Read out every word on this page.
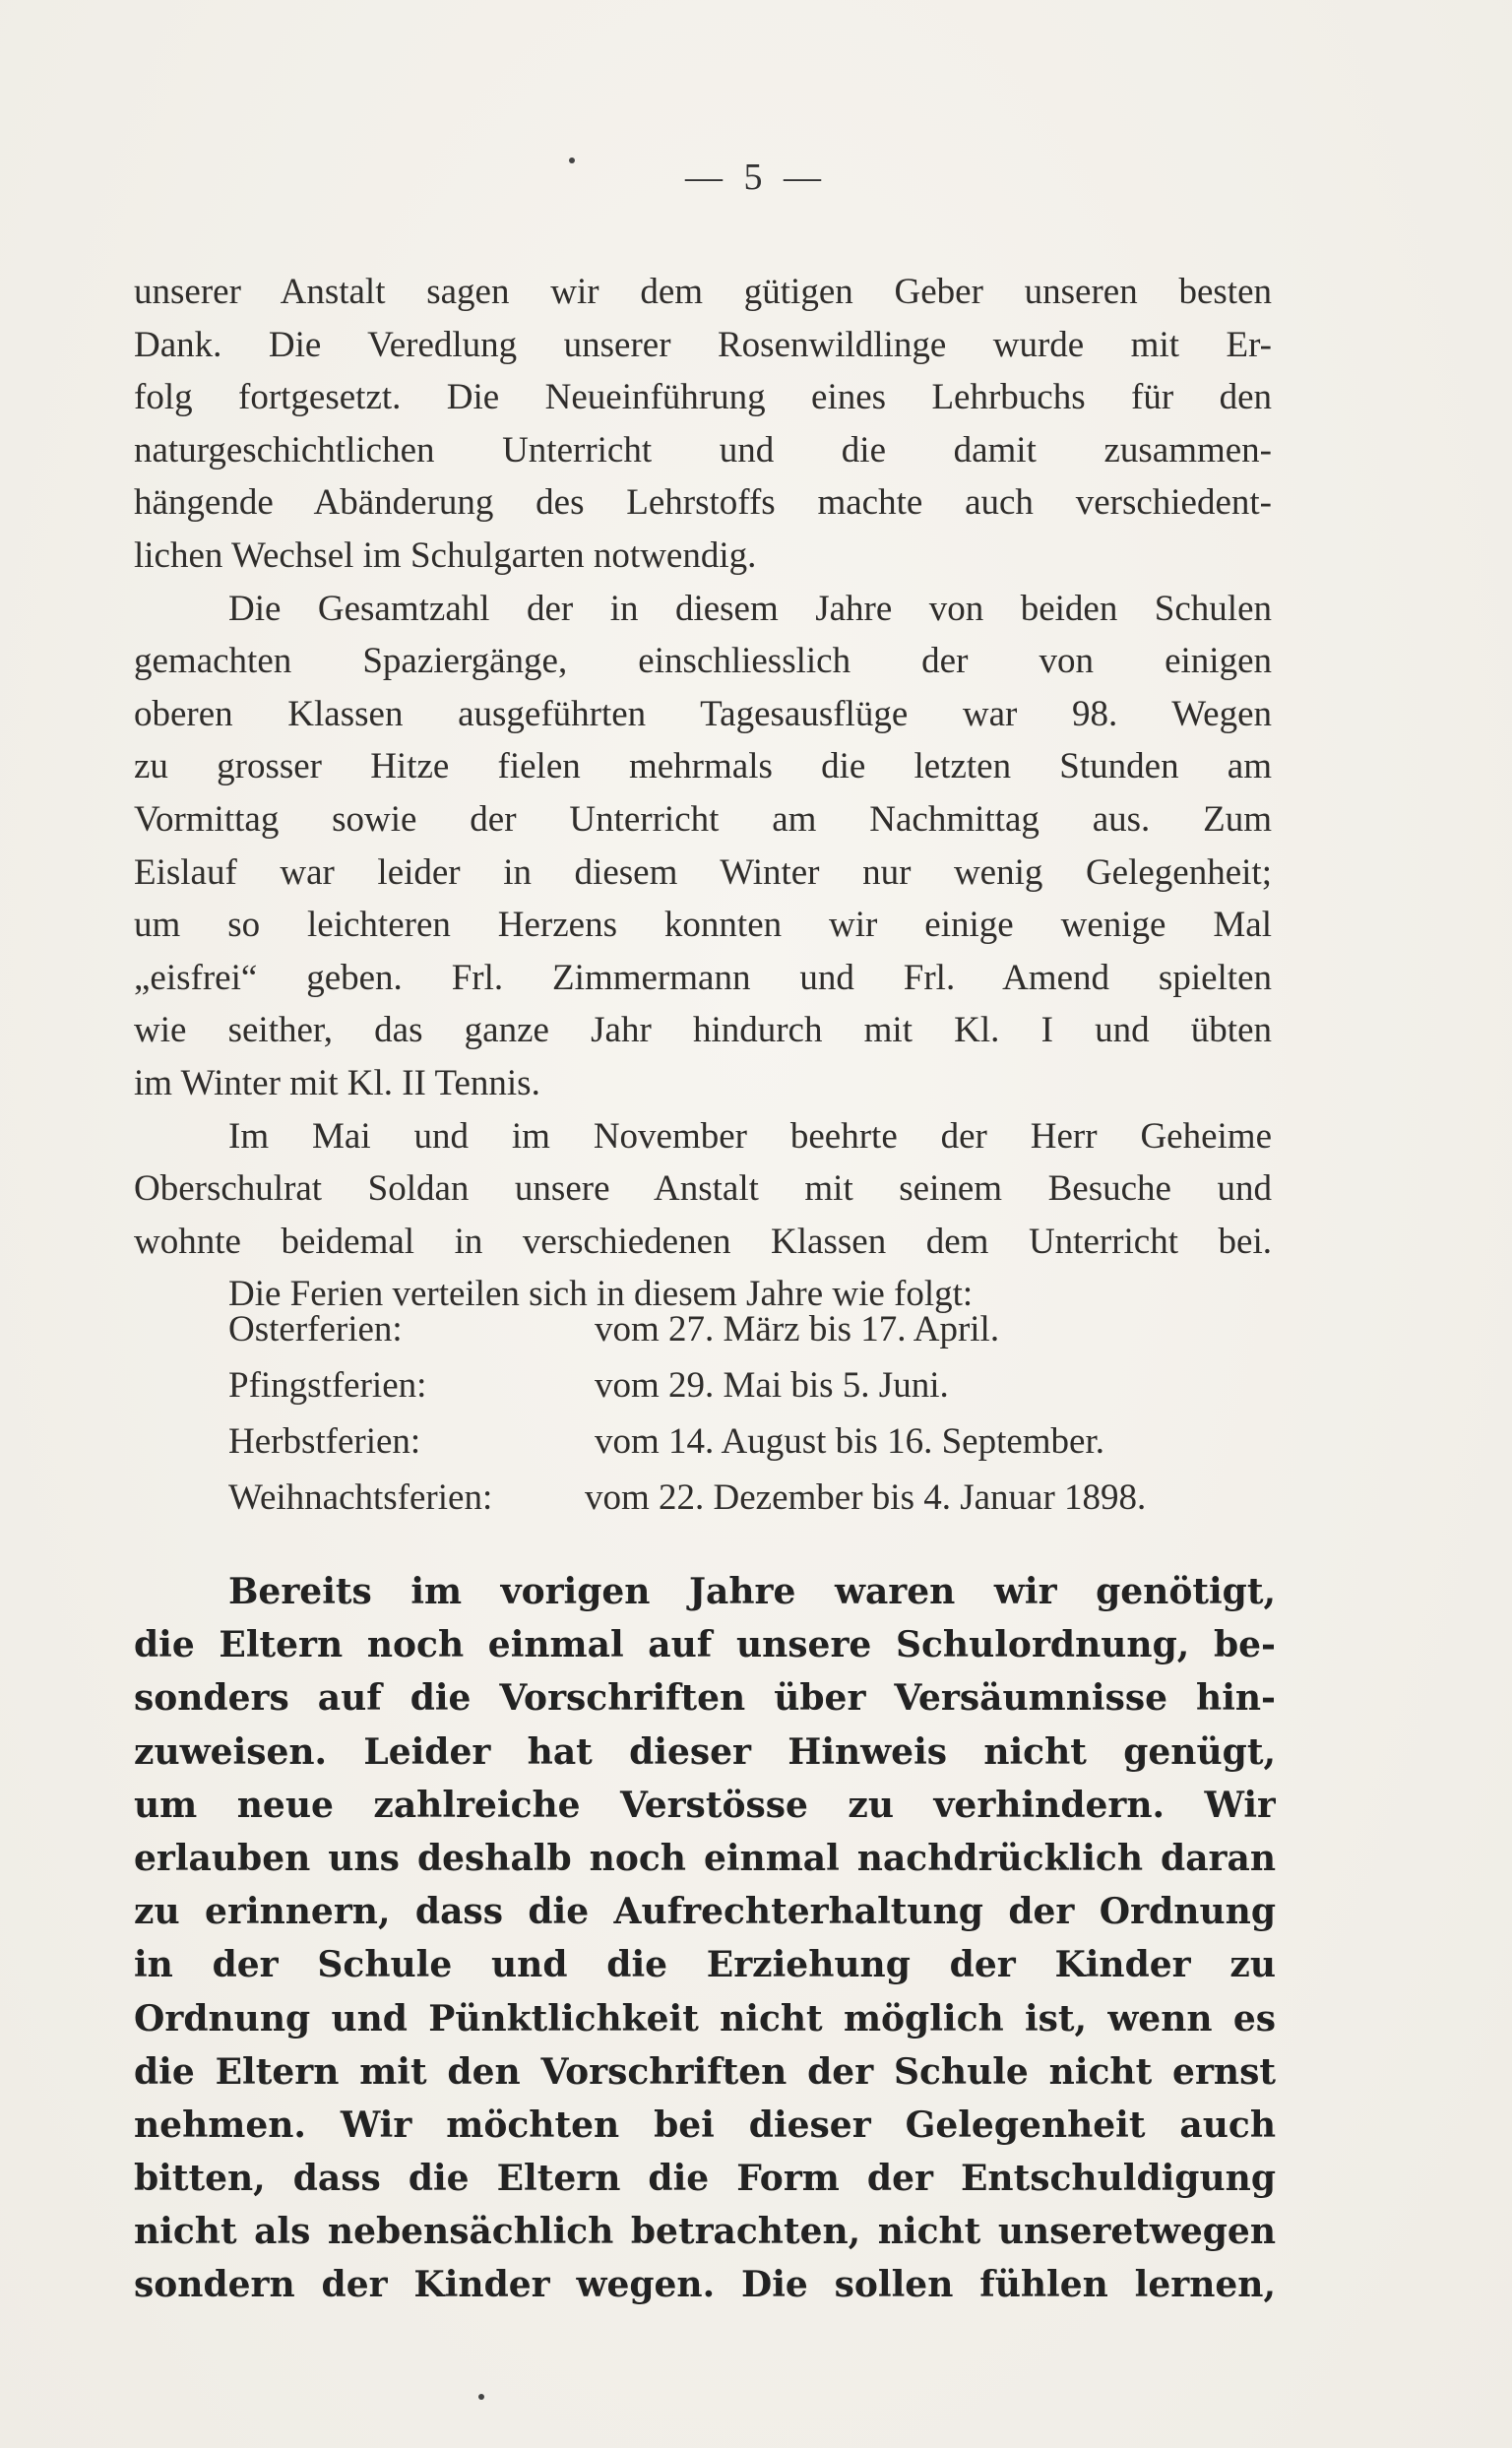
— 5 —
unserer Anstalt sagen wir dem gütigen Geber unseren besten
Dank. Die Veredlung unserer Rosenwildlinge wurde mit Er-
folg fortgesetzt. Die Neueinführung eines Lehrbuchs für den
naturgeschichtlichen Unterricht und die damit zusammen-
hängende Abänderung des Lehrstoffs machte auch verschiedent-
lichen Wechsel im Schulgarten notwendig.
Die Gesamtzahl der in diesem Jahre von beiden Schulen
gemachten Spaziergänge, einschliesslich der von einigen
oberen Klassen ausgeführten Tagesausflüge war 98. Wegen
zu grosser Hitze fielen mehrmals die letzten Stunden am
Vormittag sowie der Unterricht am Nachmittag aus. Zum
Eislauf war leider in diesem Winter nur wenig Gelegenheit;
um so leichteren Herzens konnten wir einige wenige Mal
„eisfrei“ geben. Frl. Zimmermann und Frl. Amend spielten
wie seither, das ganze Jahr hindurch mit Kl. I und übten
im Winter mit Kl. II Tennis.
Im Mai und im November beehrte der Herr Geheime
Oberschulrat Soldan unsere Anstalt mit seinem Besuche und
wohnte beidemal in verschiedenen Klassen dem Unterricht bei.
Die Ferien verteilen sich in diesem Jahre wie folgt:
Osterferien:	vom 27. März bis 17. April.
Pfingstferien:	vom 29. Mai bis 5. Juni.
Herbstferien:	vom 14. August bis 16. September.
Weihnachtsferien:	vom 22. Dezember bis 4. Januar 1898.
Bereits im vorigen Jahre waren wir genötigt,
die Eltern noch einmal auf unsere Schulordnung, be-
sonders auf die Vorschriften über Versäumnisse hin-
zuweisen. Leider hat dieser Hinweis nicht genügt,
um neue zahlreiche Verstösse zu verhindern. Wir
erlauben uns deshalb noch einmal nachdrücklich daran
zu erinnern, dass die Aufrechterhaltung der Ordnung
in der Schule und die Erziehung der Kinder zu
Ordnung und Pünktlichkeit nicht möglich ist, wenn es
die Eltern mit den Vorschriften der Schule nicht ernst
nehmen. Wir möchten bei dieser Gelegenheit auch
bitten, dass die Eltern die Form der Entschuldigung
nicht als nebensächlich betrachten, nicht unseretwegen
sondern der Kinder wegen. Die sollen fühlen lernen,
